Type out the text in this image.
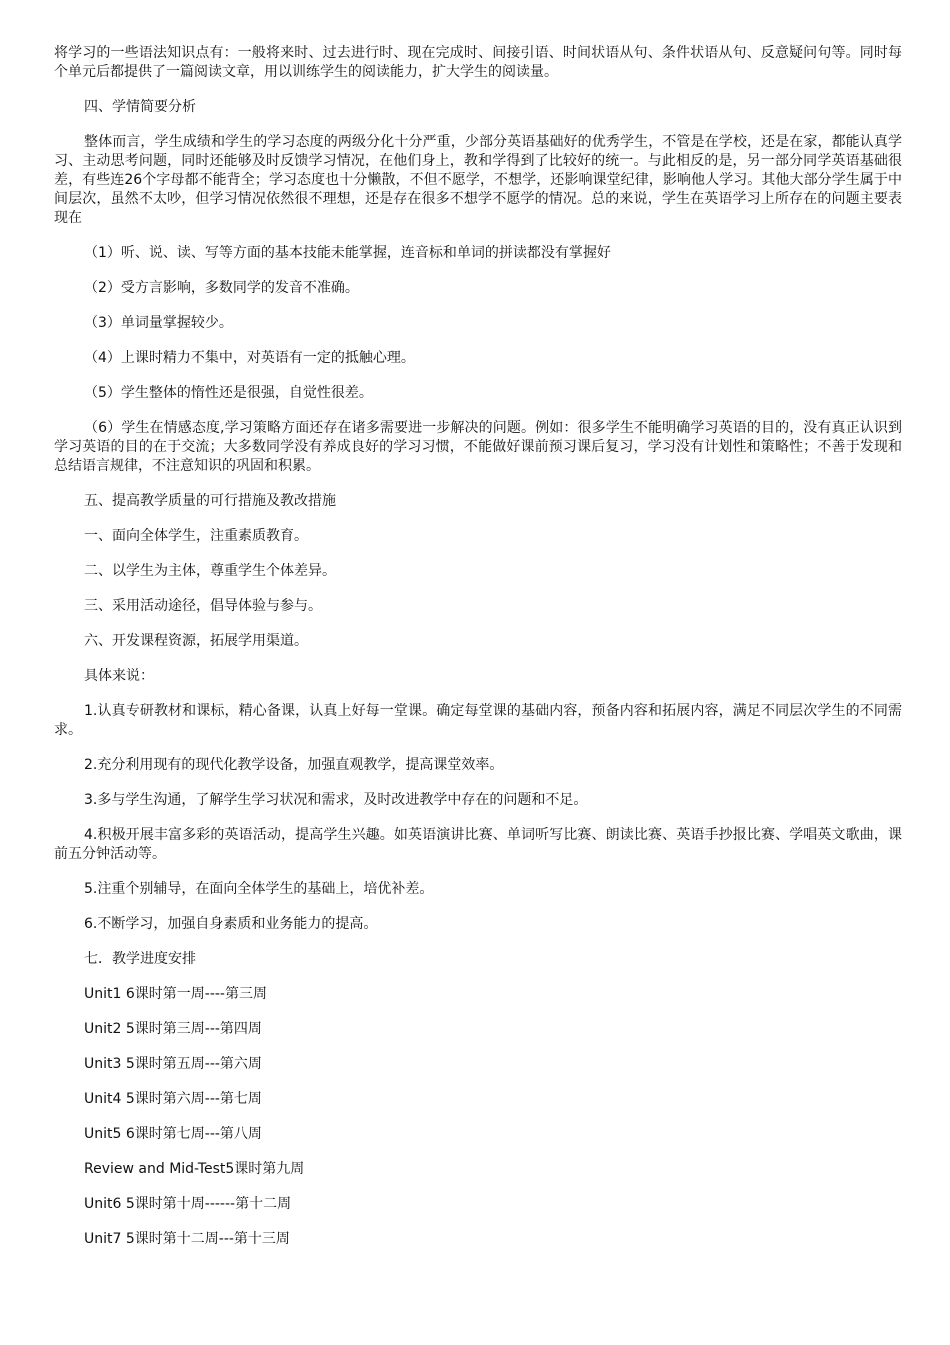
将学习的一些语法知识点有：一般将来时、过去进行时、现在完成时、间接引语、时间状语从句、条件状语从句、反意疑问句等。同时每个单元后都提供了一篇阅读文章，用以训练学生的阅读能力，扩大学生的阅读量。

四、学情简要分析

整体而言，学生成绩和学生的学习态度的两级分化十分严重，少部分英语基础好的优秀学生，不管是在学校，还是在家，都能认真学习、主动思考问题，同时还能够及时反馈学习情况，在他们身上，教和学得到了比较好的统一。与此相反的是，另一部分同学英语基础很差，有些连26个字母都不能背全；学习态度也十分懒散，不但不愿学，不想学，还影响课堂纪律，影响他人学习。其他大部分学生属于中间层次，虽然不太吵，但学习情况依然很不理想，还是存在很多不想学不愿学的情况。总的来说，学生在英语学习上所存在的问题主要表现在

（1）听、说、读、写等方面的基本技能未能掌握，连音标和单词的拼读都没有掌握好

（2）受方言影响，多数同学的发音不准确。

（3）单词量掌握较少。

（4）上课时精力不集中，对英语有一定的抵触心理。

（5）学生整体的惰性还是很强，自觉性很差。

（6）学生在情感态度,学习策略方面还存在诸多需要进一步解决的问题。例如：很多学生不能明确学习英语的目的，没有真正认识到学习英语的目的在于交流；大多数同学没有养成良好的学习习惯，不能做好课前预习课后复习，学习没有计划性和策略性；不善于发现和总结语言规律，不注意知识的巩固和积累。

五、提高教学质量的可行措施及教改措施

一、面向全体学生，注重素质教育。

二、以学生为主体，尊重学生个体差异。

三、采用活动途径，倡导体验与参与。

六、开发课程资源，拓展学用渠道。

具体来说：

1.认真专研教材和课标，精心备课，认真上好每一堂课。确定每堂课的基础内容，预备内容和拓展内容，满足不同层次学生的不同需求。

2.充分利用现有的现代化教学设备，加强直观教学，提高课堂效率。

3.多与学生沟通，了解学生学习状况和需求，及时改进教学中存在的问题和不足。

4.积极开展丰富多彩的英语活动，提高学生兴趣。如英语演讲比赛、单词听写比赛、朗读比赛、英语手抄报比赛、学唱英文歌曲，课前五分钟活动等。

5.注重个别辅导，在面向全体学生的基础上，培优补差。

6.不断学习，加强自身素质和业务能力的提高。

七．教学进度安排

Unit1 6课时第一周----第三周

Unit2 5课时第三周---第四周

Unit3 5课时第五周---第六周

Unit4 5课时第六周---第七周

Unit5 6课时第七周---第八周

Review and Mid-Test5课时第九周

Unit6 5课时第十周------第十二周

Unit7 5课时第十二周---第十三周
